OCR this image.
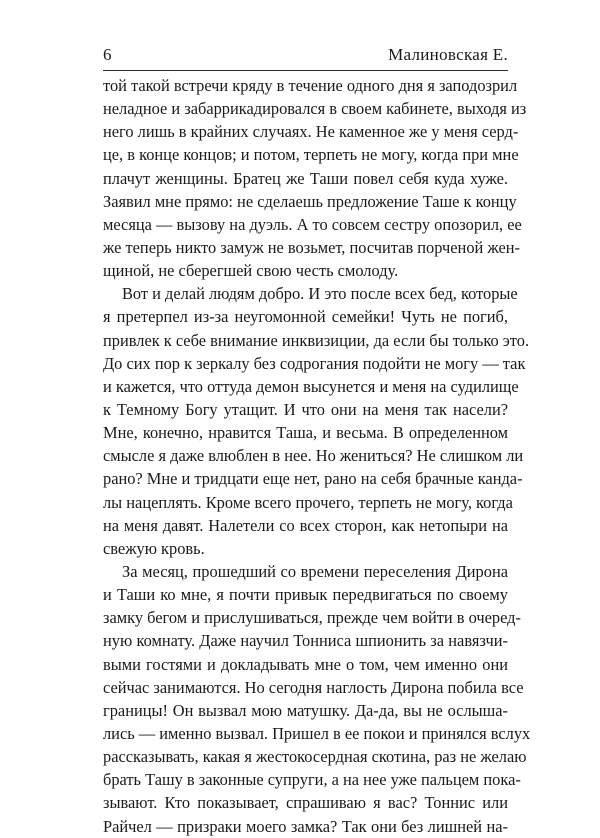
6	Малиновская Е.
той такой встречи кряду в течение одного дня я заподозрил
неладное и забаррикадировался в своем кабинете, выходя из
него лишь в крайних случаях. Не каменное же у меня серд-
це, в конце концов; и потом, терпеть не могу, когда при мне
плачут женщины. Братец же Таши повел себя куда хуже.
Заявил мне прямо: не сделаешь предложение Таше к концу
месяца — вызову на дуэль. А то совсем сестру опозорил, ее
же теперь никто замуж не возьмет, посчитав порченой жен-
щиной, не сберегшей свою честь смолоду.
Вот и делай людям добро. И это после всех бед, которые
я претерпел из-за неугомонной семейки! Чуть не погиб,
привлек к себе внимание инквизиции, да если бы только это.
До сих пор к зеркалу без содрогания подойти не могу — так
и кажется, что оттуда демон высунется и меня на судилище
к Темному Богу утащит. И что они на меня так насели?
Мне, конечно, нравится Таша, и весьма. В определенном
смысле я даже влюблен в нее. Но жениться? Не слишком ли
рано? Мне и тридцати еще нет, рано на себя брачные канда-
лы нацеплять. Кроме всего прочего, терпеть не могу, когда
на меня давят. Налетели со всех сторон, как нетопыри на
свежую кровь.
За месяц, прошедший со времени переселения Дирона
и Таши ко мне, я почти привык передвигаться по своему
замку бегом и прислушиваться, прежде чем войти в очеред-
ную комнату. Даже научил Тонниса шпионить за навязчи-
выми гостями и докладывать мне о том, чем именно они
сейчас занимаются. Но сегодня наглость Дирона побила все
границы! Он вызвал мою матушку. Да-да, вы не ослыша-
лись — именно вызвал. Пришел в ее покои и принялся вслух
рассказывать, какая я жестокосердная скотина, раз не желаю
брать Ташу в законные супруги, а на нее уже пальцем пока-
зывают. Кто показывает, спрашиваю я вас? Тоннис или
Райчел — призраки моего замка? Так они без лишней на-
